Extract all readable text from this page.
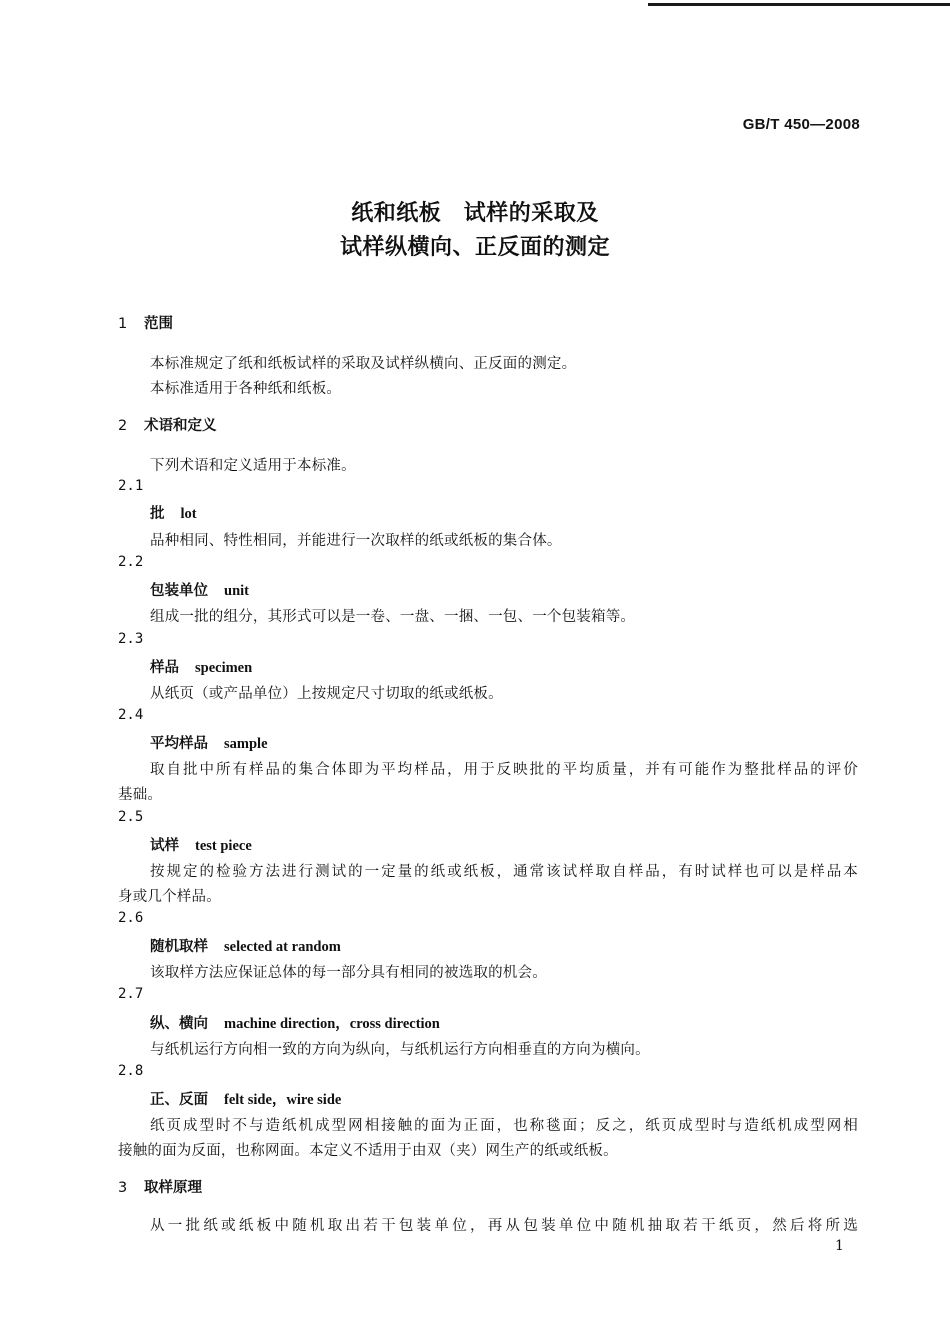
GB/T 450—2008
纸和纸板　试样的采取及
试样纵横向、正反面的测定
1 范围
本标准规定了纸和纸板试样的采取及试样纵横向、正反面的测定。
本标准适用于各种纸和纸板。
2 术语和定义
下列术语和定义适用于本标准。
2.1
批 lot
品种相同、特性相同，并能进行一次取样的纸或纸板的集合体。
2.2
包装单位 unit
组成一批的组分，其形式可以是一卷、一盘、一捆、一包、一个包装箱等。
2.3
样品 specimen
从纸页（或产品单位）上按规定尺寸切取的纸或纸板。
2.4
平均样品 sample
取自批中所有样品的集合体即为平均样品，用于反映批的平均质量，并有可能作为整批样品的评价
基础。
2.5
试样 test piece
按规定的检验方法进行测试的一定量的纸或纸板，通常该试样取自样品，有时试样也可以是样品本
身或几个样品。
2.6
随机取样 selected at random
该取样方法应保证总体的每一部分具有相同的被选取的机会。
2.7
纵、横向 machine direction，cross direction
与纸机运行方向相一致的方向为纵向，与纸机运行方向相垂直的方向为横向。
2.8
正、反面 felt side，wire side
纸页成型时不与造纸机成型网相接触的面为正面，也称毯面；反之，纸页成型时与造纸机成型网相
接触的面为反面，也称网面。本定义不适用于由双（夹）网生产的纸或纸板。
3 取样原理
从一批纸或纸板中随机取出若干包装单位，再从包装单位中随机抽取若干纸页，然后将所选
1
